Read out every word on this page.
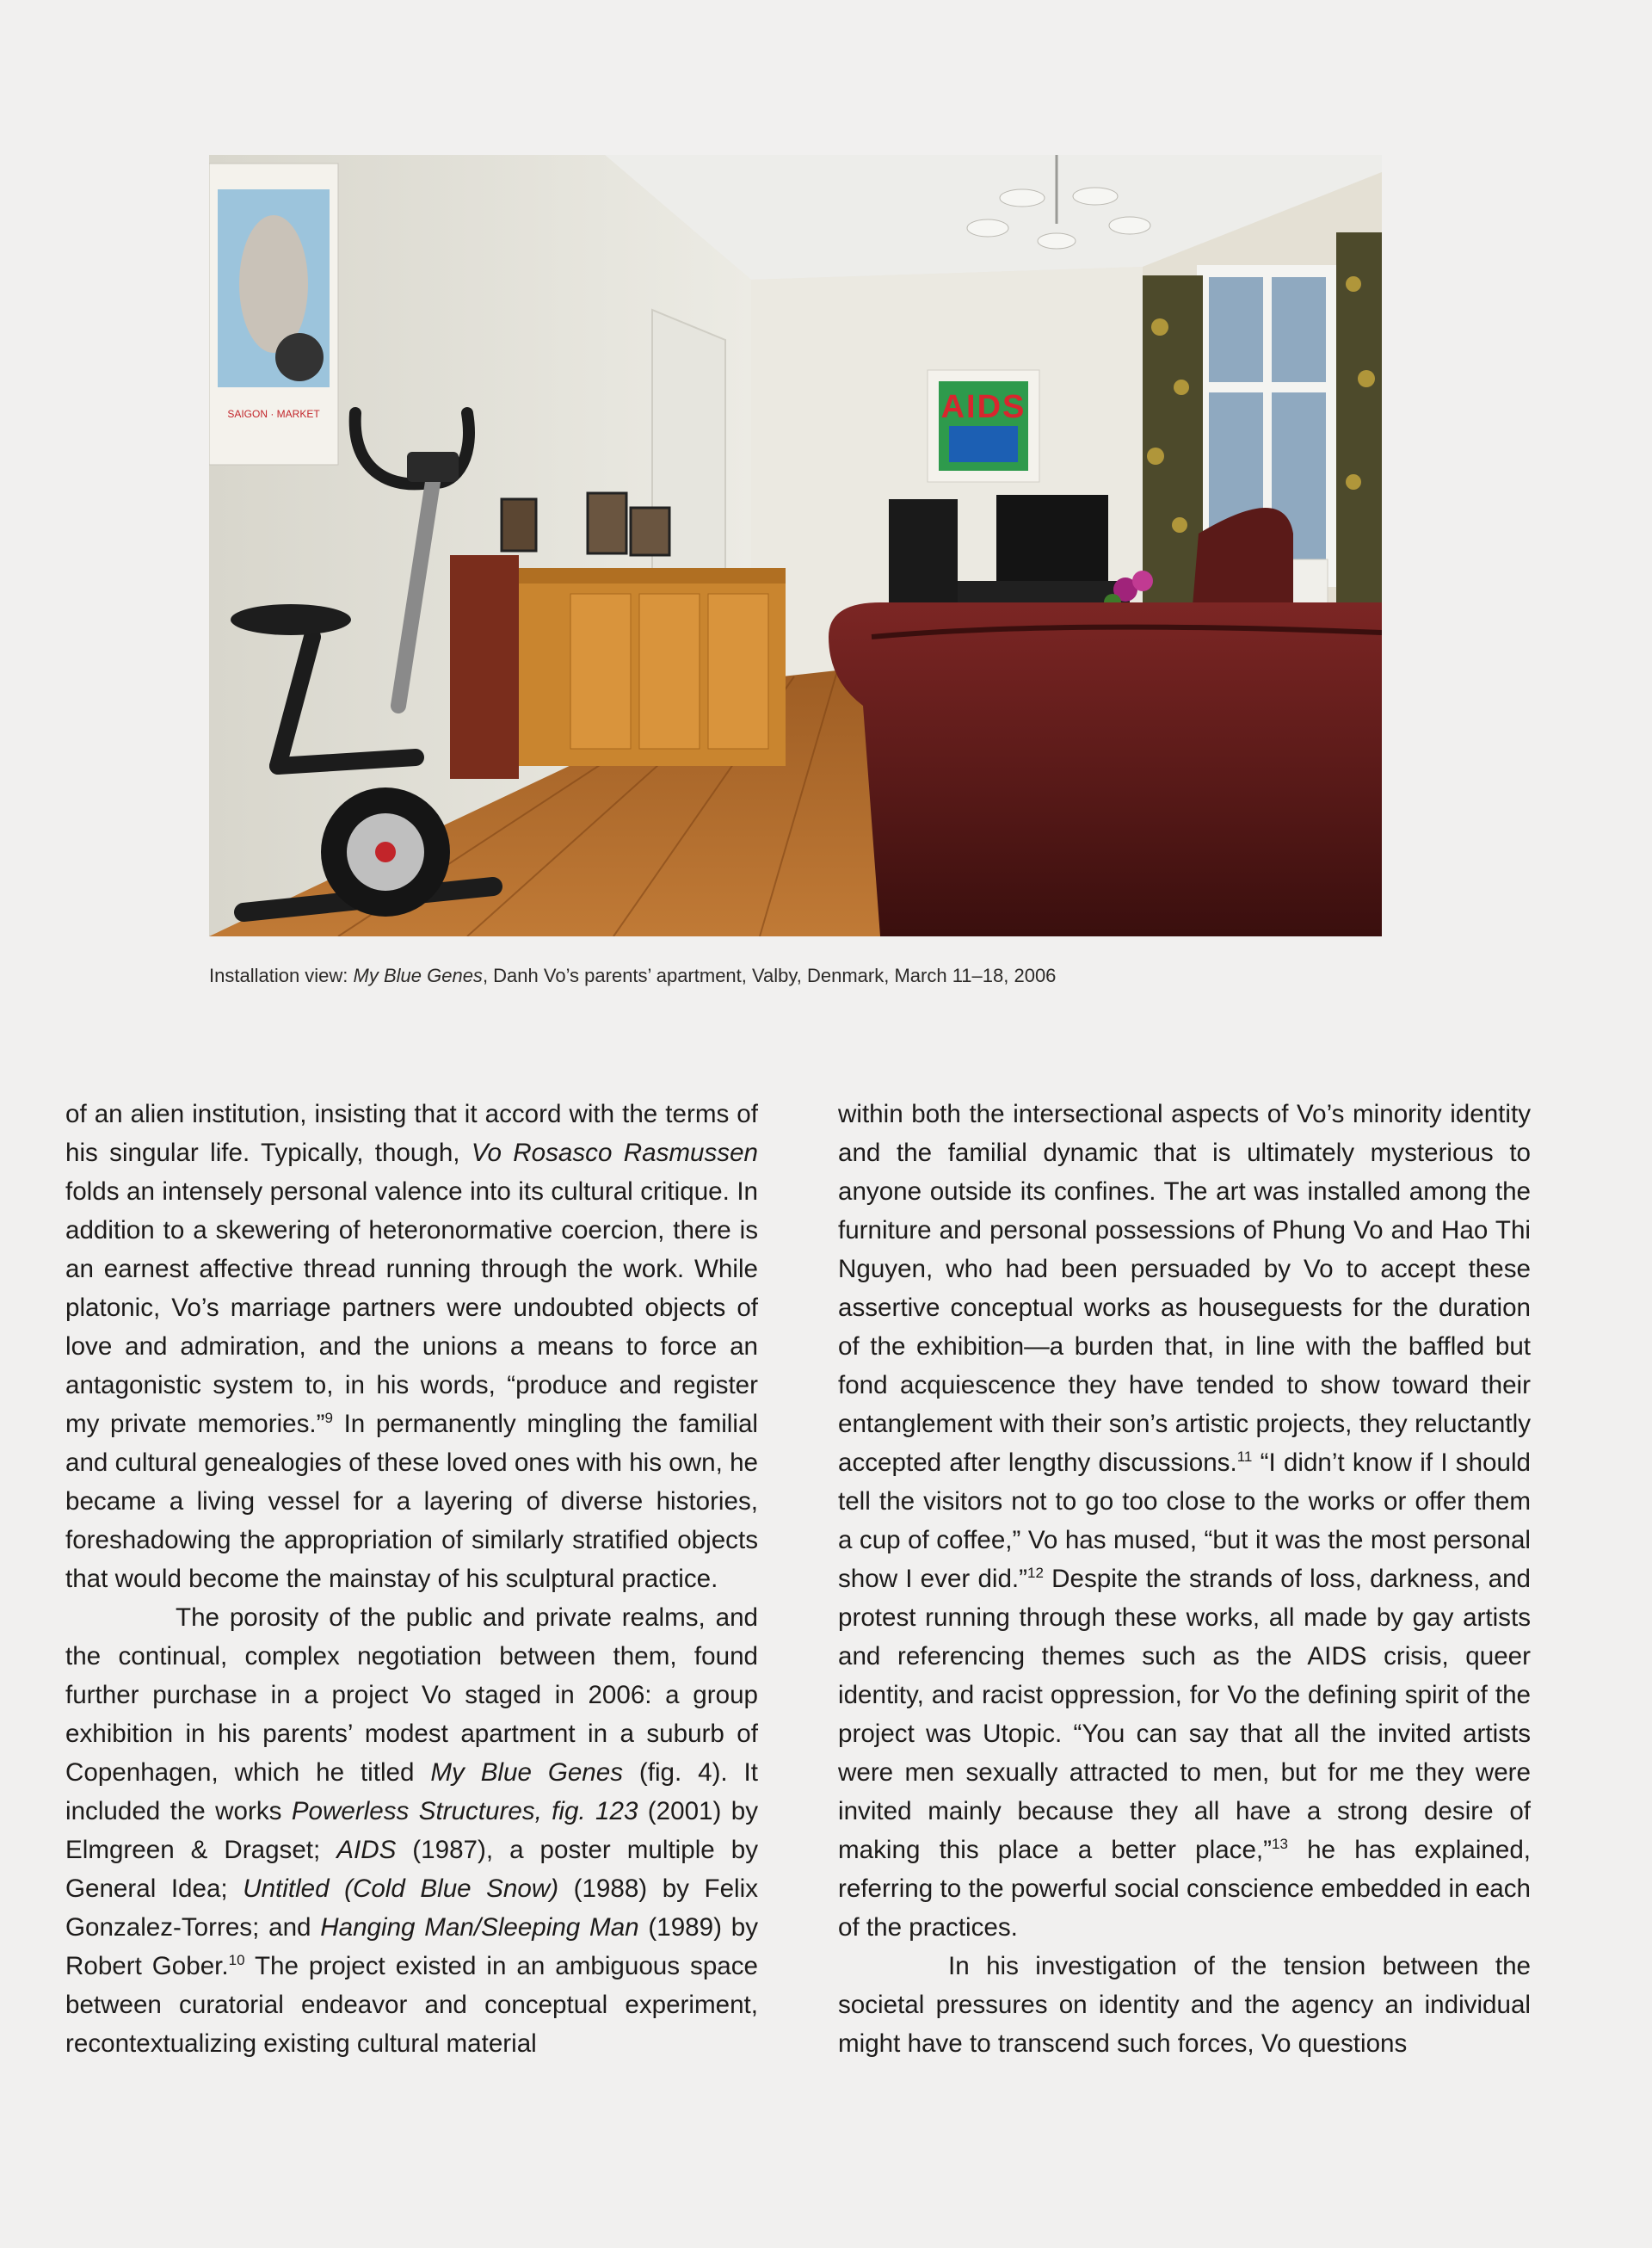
SAIGON · MARKET	AIDS
Installation view: My Blue Genes, Danh Vo’s parents’ apartment, Valby, Denmark, March 11–18, 2006

of an alien institution, insisting that it accord with the terms of his singular life. Typically, though, Vo Rosasco Rasmussen folds an intensely personal valence into its cultural critique. In addition to a skewering of heteronormative coercion, there is an earnest affective thread running through the work. While platonic, Vo’s marriage partners were undoubted objects of love and admiration, and the unions a means to force an antagonistic system to, in his words, “produce and register my private memories.”$^9$ In permanently mingling the familial and cultural genealogies of these loved ones with his own, he became a living vessel for a layering of diverse histories, foreshadowing the appropriation of similarly stratified objects that would become the mainstay of his sculptural practice.

The porosity of the public and private realms, and the continual, complex negotiation between them, found further purchase in a project Vo staged in 2006: a group exhibition in his parents’ modest apartment in a suburb of Copenhagen, which he titled My Blue Genes (fig. 4). It included the works Powerless Structures, fig. 123 (2001) by Elmgreen & Dragset; AIDS (1987), a poster multiple by General Idea; Untitled (Cold Blue Snow) (1988) by Felix Gonzalez-Torres; and Hanging Man/Sleeping Man (1989) by Robert Gober.$^{10}$ The project existed in an ambiguous space between curatorial endeavor and conceptual experiment, recontextualizing existing cultural material

within both the intersectional aspects of Vo’s minority identity and the familial dynamic that is ultimately mysterious to anyone outside its confines. The art was installed among the furniture and personal possessions of Phung Vo and Hao Thi Nguyen, who had been persuaded by Vo to accept these assertive conceptual works as houseguests for the duration of the exhibition—a burden that, in line with the baffled but fond acquiescence they have tended to show toward their entanglement with their son’s artistic projects, they reluctantly accepted after lengthy discussions.$^{11}$ “I didn’t know if I should tell the visitors not to go too close to the works or offer them a cup of coffee,” Vo has mused, “but it was the most personal show I ever did.”$^{12}$ Despite the strands of loss, darkness, and protest running through these works, all made by gay artists and referencing themes such as the AIDS crisis, queer identity, and racist oppression, for Vo the defining spirit of the project was Utopic. “You can say that all the invited artists were men sexually attracted to men, but for me they were invited mainly because they all have a strong desire of making this place a better place,”$^{13}$ he has explained, referring to the powerful social conscience embedded in each of the practices.

In his investigation of the tension between the societal pressures on identity and the agency an individual might have to transcend such forces, Vo questions
